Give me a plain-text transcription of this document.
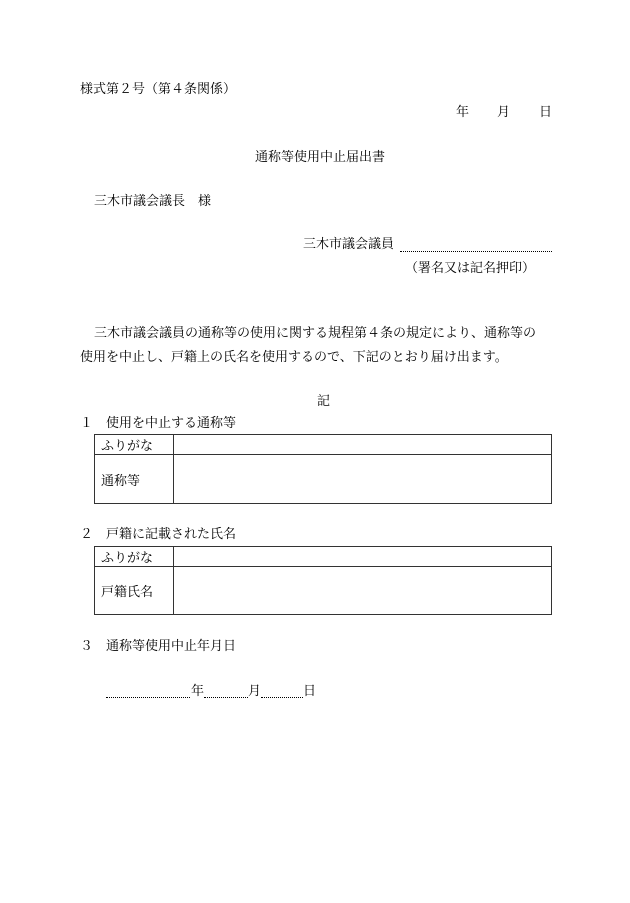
様式第２号（第４条関係）
年 月 日
通称等使用中止届出書
三木市議会議長　様
三木市議会議員
（署名又は記名押印）
三木市議会議員の通称等の使用に関する規程第４条の規定により、通称等の
使用を中止し、戸籍上の氏名を使用するので、下記のとおり届け出ます。
記
１　使用を中止する通称等
ふりがな	
通称等	
２　戸籍に記載された氏名
ふりがな	
戸籍氏名	
３　通称等使用中止年月日
年	月	日
